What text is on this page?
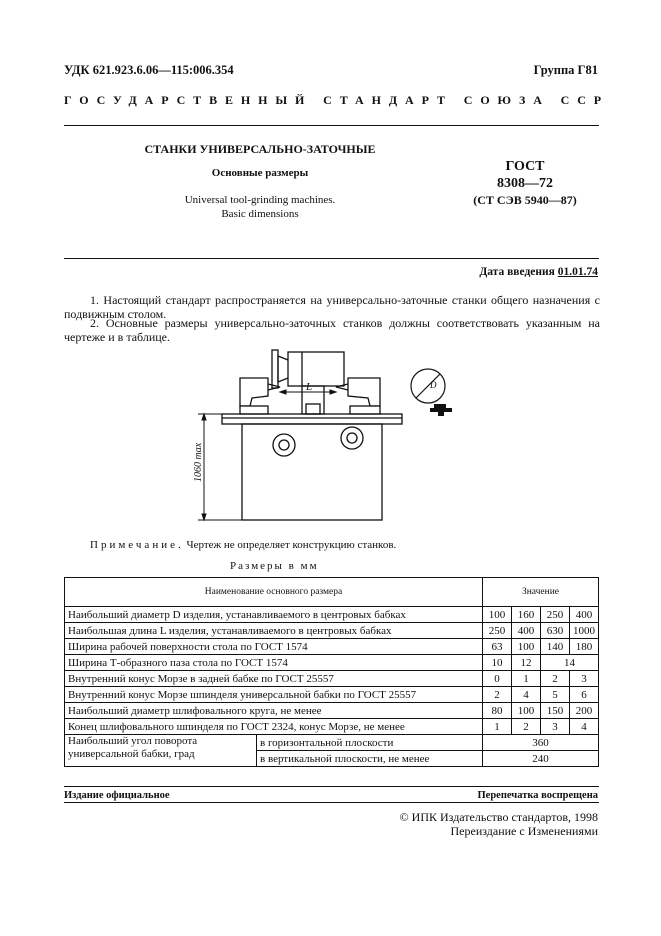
УДК 621.923.6.06—115:006.354	Группа Г81
ГОСУДАРСТВЕННЫЙ СТАНДАРТ СОЮЗА ССР
СТАНКИ УНИВЕРСАЛЬНО-ЗАТОЧНЫЕ
Основные размеры
Universal tool-grinding machines.
Basic dimensions
ГОСТ
8308—72
(СТ СЭВ 5940—87)
Дата введения 01.01.74
1. Настоящий стандарт распространяется на универсально-заточные станки общего назначения с подвижным столом.
2. Основные размеры универсально-заточных станков должны соответствовать указанным на чертеже и в таблице.
L
1060 max
D
Примечание. Чертеж не определяет конструкцию станков.
Размеры в мм
Наименование основного размера		Значение			
Наибольший диаметр D изделия, устанавливаемого в центровых бабках		100	160	250	400
Наибольшая длина L изделия, устанавливаемого в центровых бабках		250	400	630	1000
Ширина рабочей поверхности стола по ГОСТ 1574		63	100	140	180
Ширина Т-образного паза стола по ГОСТ 1574		10	12	14	
Внутренний конус Морзе в задней бабке по ГОСТ 25557		0	1	2	3
Внутренний конус Морзе шпинделя универсальной бабки по ГОСТ 25557		2	4	5	6
Наибольший диаметр шлифовального круга, не менее		80	100	150	200
Конец шлифовального шпинделя по ГОСТ 2324, конус Морзе, не менее		1	2	3	4
Наибольший угол поворота универсальной бабки, град	в горизонтальной плоскости	360			
	в вертикальной плоскости, не менее	240			
Издание официальное	Перепечатка воспрещена
© ИПК Издательство стандартов, 1998
Переиздание с Изменениями
